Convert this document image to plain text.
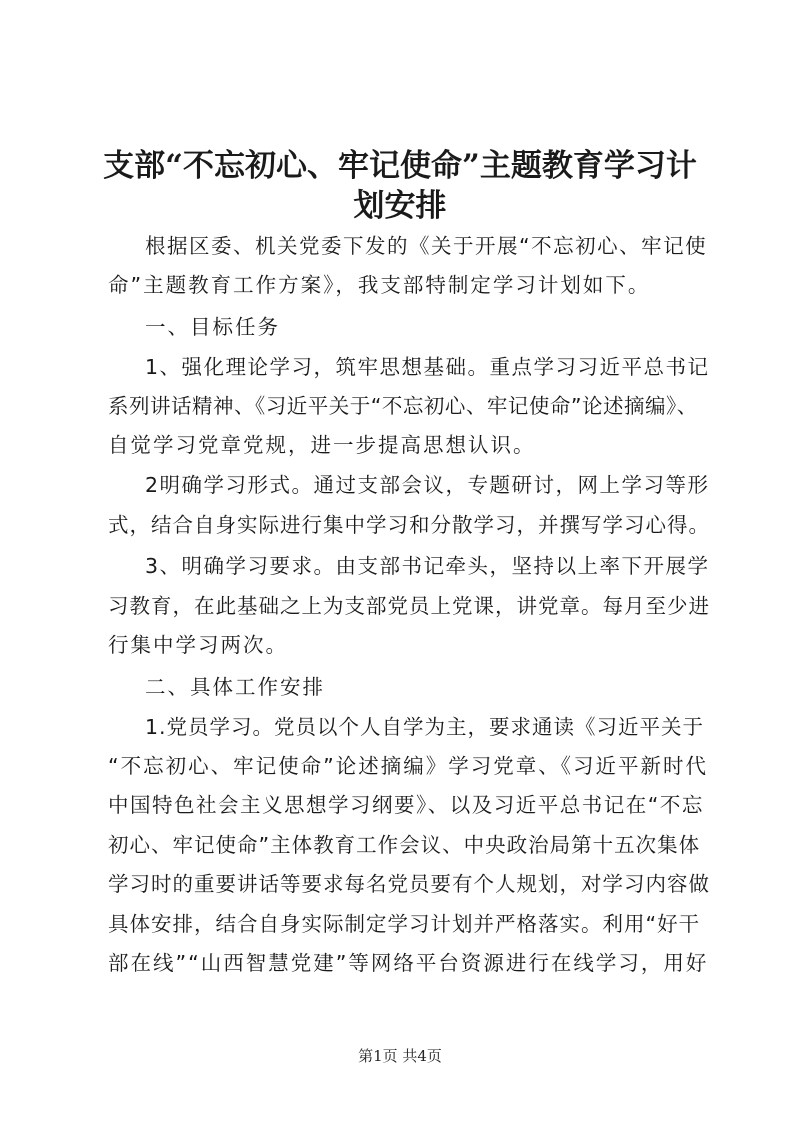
支部“不忘初心、牢记使命”主题教育学习计
划安排
根据区委、机关党委下发的《关于开展“不忘初心、牢记使
命”主题教育工作方案》，我支部特制定学习计划如下。
一、目标任务
1、强化理论学习，筑牢思想基础。重点学习习近平总书记
系列讲话精神、《习近平关于“不忘初心、牢记使命”论述摘编》、
自觉学习党章党规，进一步提高思想认识。
2明确学习形式。通过支部会议，专题研讨，网上学习等形
式，结合自身实际进行集中学习和分散学习，并撰写学习心得。
3、明确学习要求。由支部书记牵头，坚持以上率下开展学
习教育，在此基础之上为支部党员上党课，讲党章。每月至少进
行集中学习两次。
二、具体工作安排
1.党员学习。党员以个人自学为主，要求通读《习近平关于
“不忘初心、牢记使命”论述摘编》学习党章、《习近平新时代
中国特色社会主义思想学习纲要》、以及习近平总书记在“不忘
初心、牢记使命”主体教育工作会议、中央政治局第十五次集体
学习时的重要讲话等要求每名党员要有个人规划，对学习内容做
具体安排，结合自身实际制定学习计划并严格落实。利用“好干
部在线”“山西智慧党建”等网络平台资源进行在线学习，用好
第1页 共4页
